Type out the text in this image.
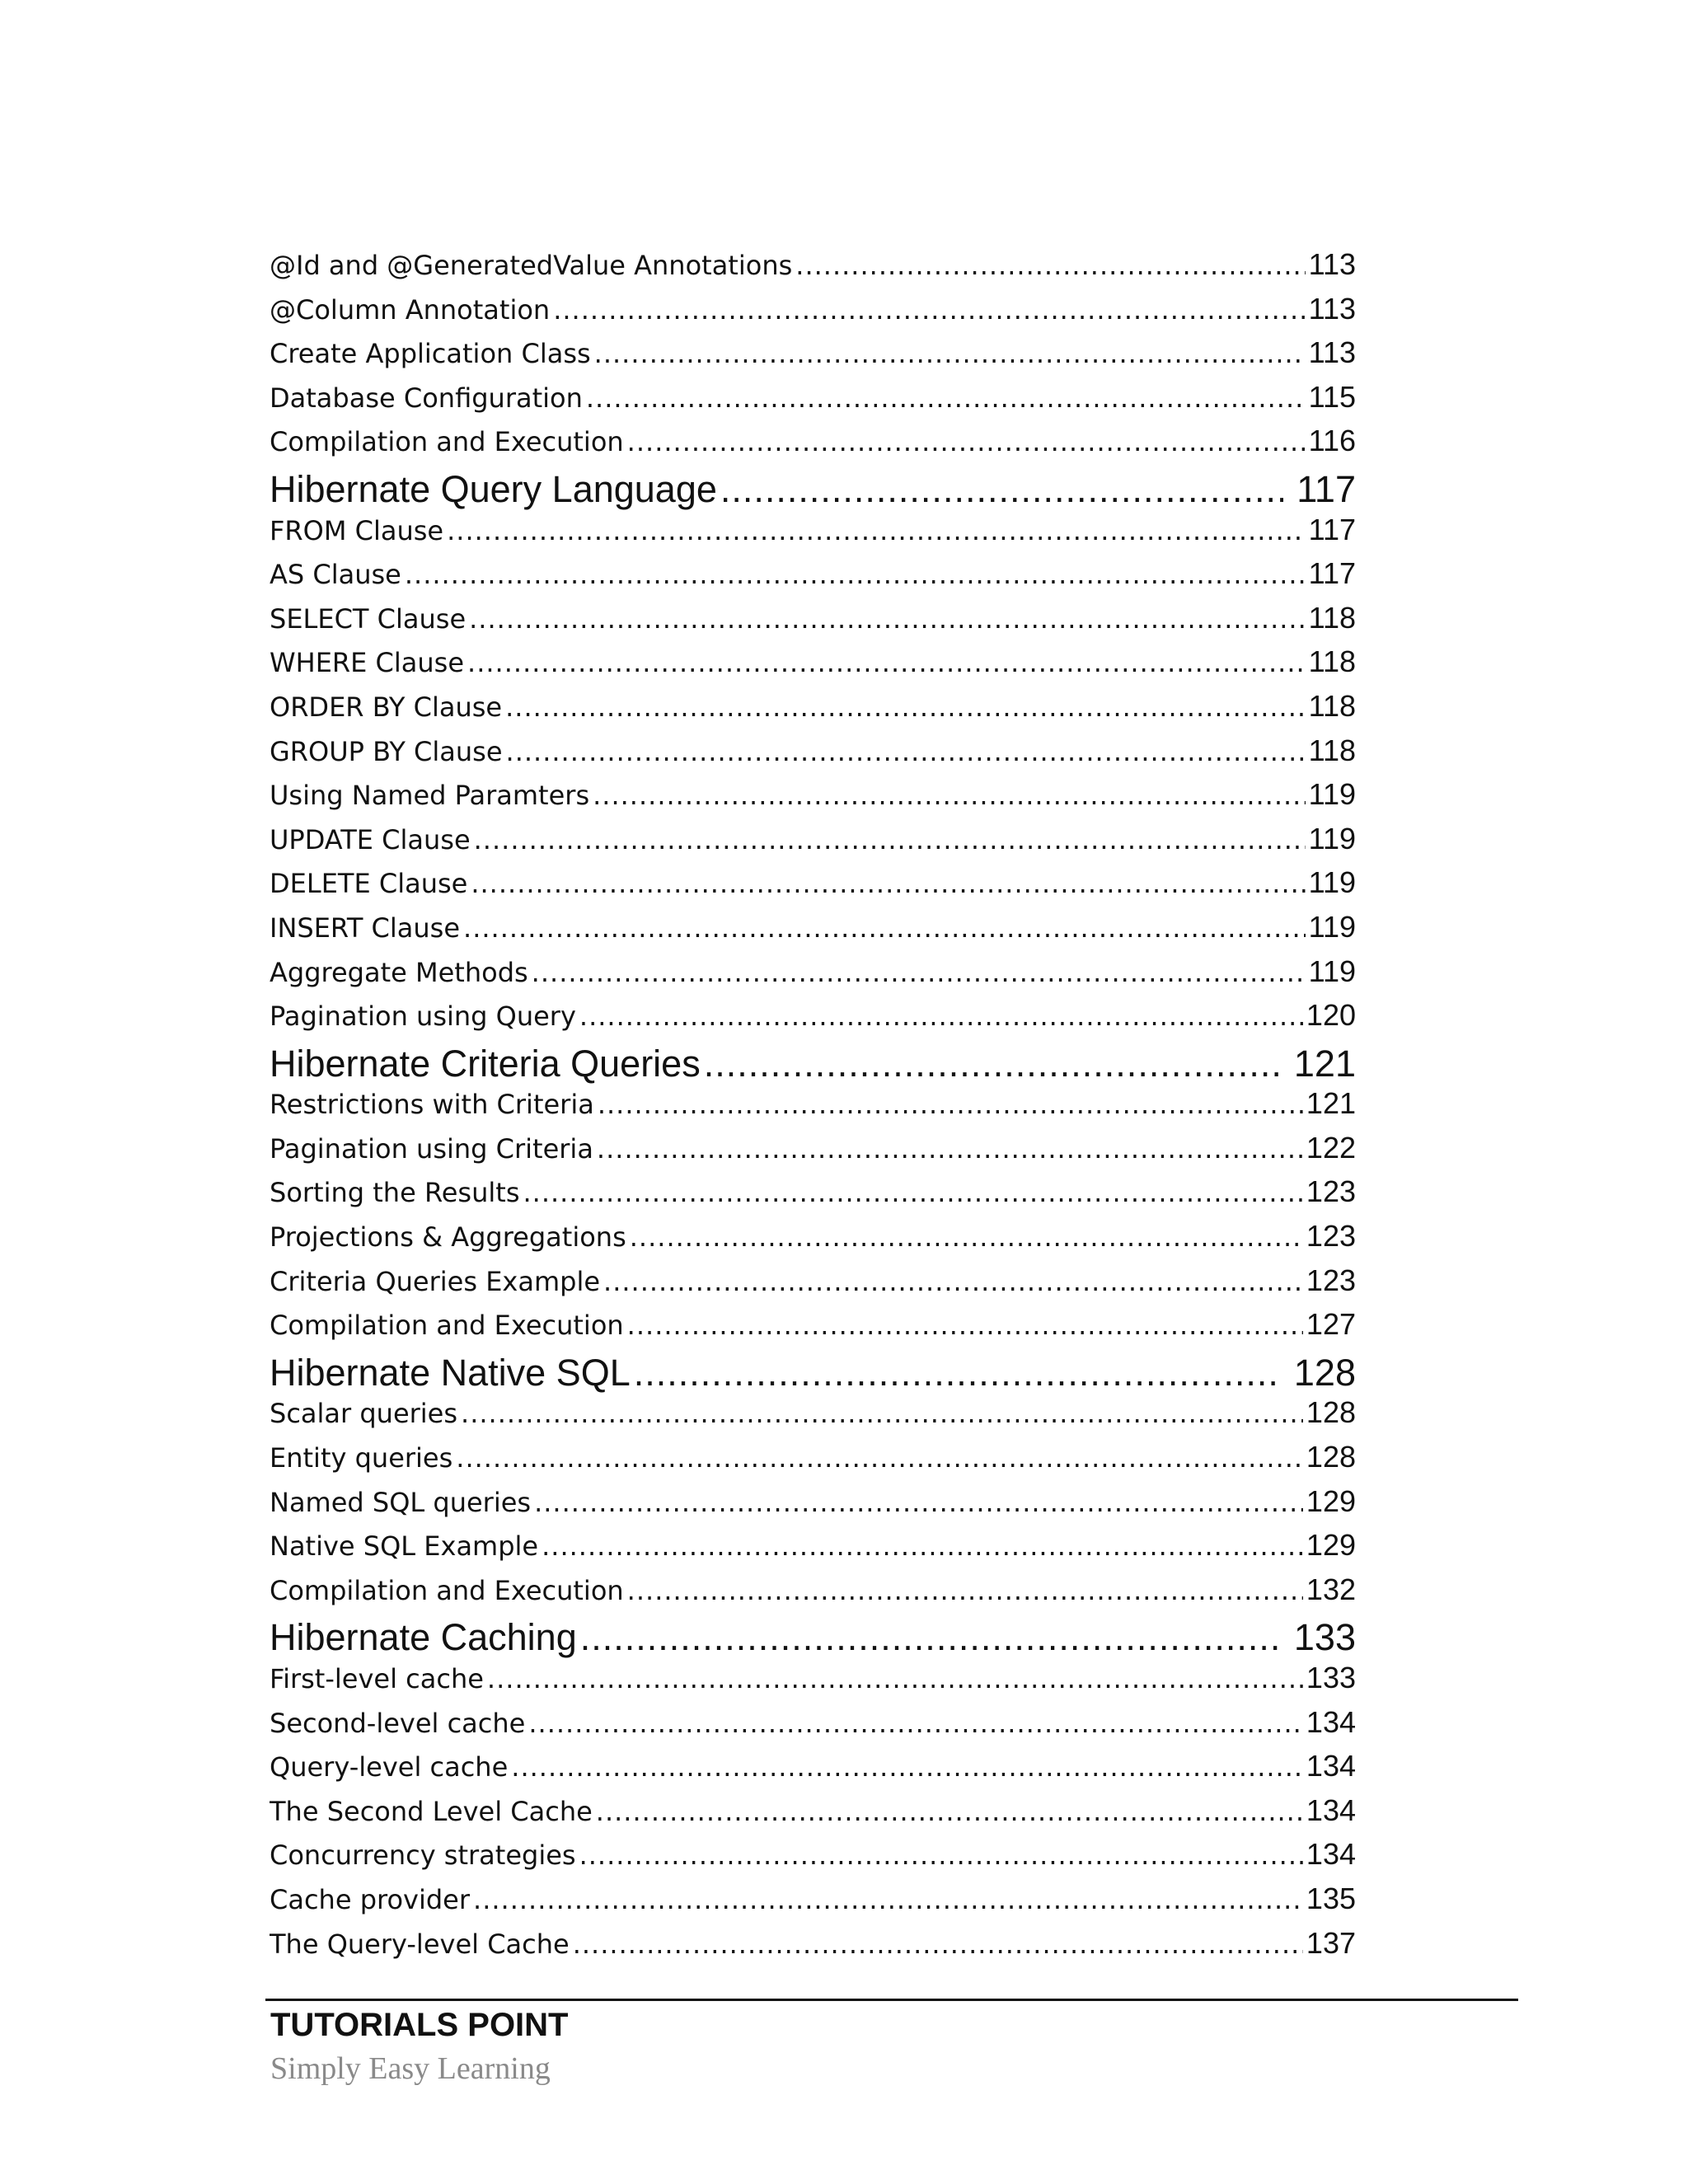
@Id and @GeneratedValue Annotations .....	113
@Column Annotation .....	113
Create Application Class .....	113
Database Configuration .....	115
Compilation and Execution .....	116
Hibernate Query Language .....	117
FROM Clause .....	117
AS Clause .....	117
SELECT Clause .....	118
WHERE Clause .....	118
ORDER BY Clause .....	118
GROUP BY Clause .....	118
Using Named Paramters .....	119
UPDATE Clause .....	119
DELETE Clause .....	119
INSERT Clause .....	119
Aggregate Methods .....	119
Pagination using Query .....	120
Hibernate Criteria Queries .....	121
Restrictions with Criteria .....	121
Pagination using Criteria .....	122
Sorting the Results .....	123
Projections & Aggregations .....	123
Criteria Queries Example .....	123
Compilation and Execution .....	127
Hibernate Native SQL .....	128
Scalar queries .....	128
Entity queries .....	128
Named SQL queries .....	129
Native SQL Example .....	129
Compilation and Execution .....	132
Hibernate Caching .....	133
First-level cache .....	133
Second-level cache .....	134
Query-level cache .....	134
The Second Level Cache .....	134
Concurrency strategies .....	134
Cache provider .....	135
The Query-level Cache .....	137
TUTORIALS POINT
Simply Easy Learning
